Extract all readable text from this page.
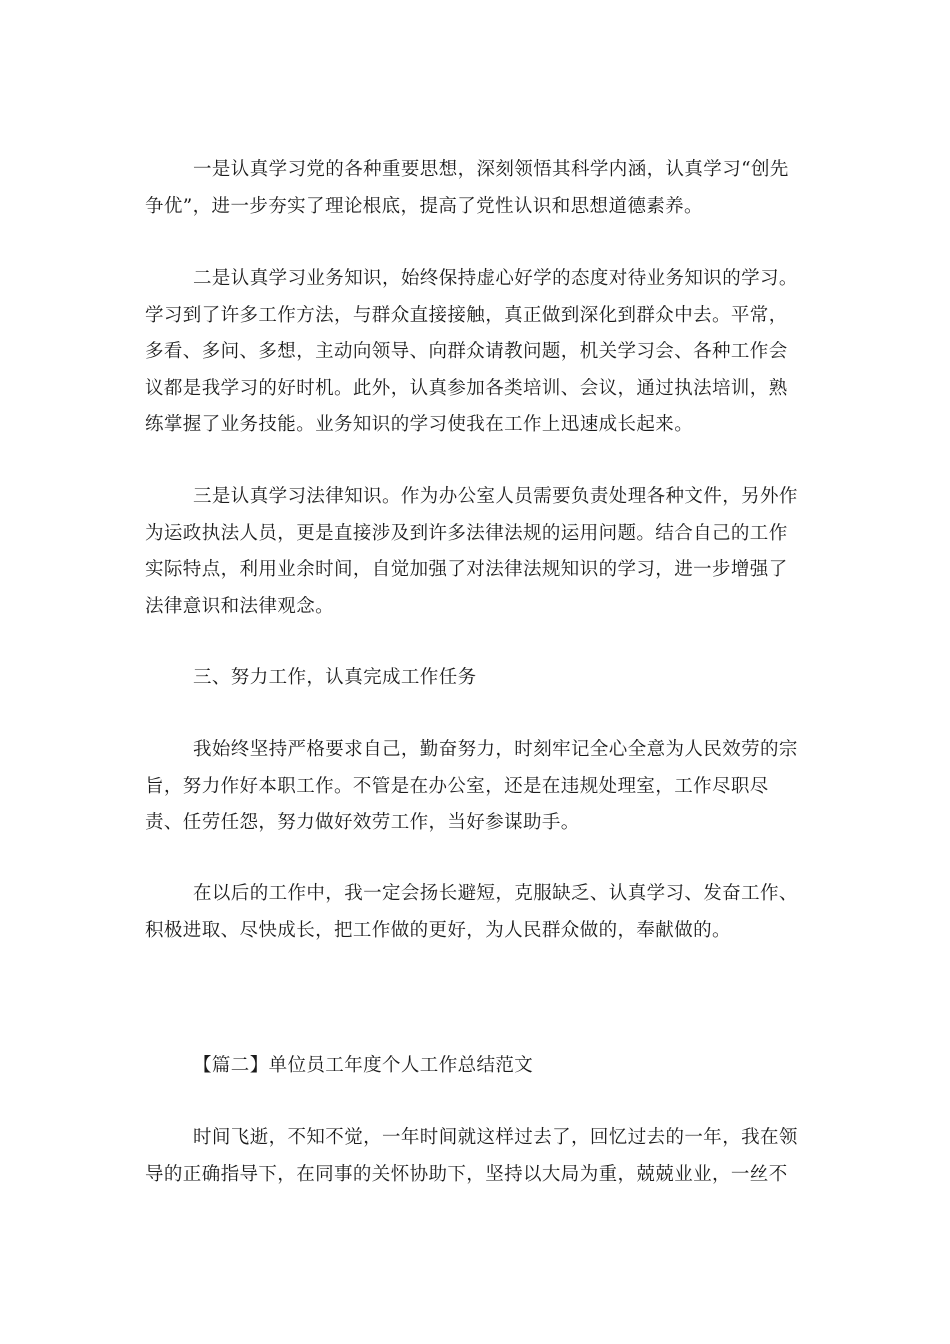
一是认真学习党的各种重要思想，深刻领悟其科学内涵，认真学习“创先争优”，进一步夯实了理论根底，提高了党性认识和思想道德素养。

二是认真学习业务知识，始终保持虚心好学的态度对待业务知识的学习。学习到了许多工作方法，与群众直接接触，真正做到深化到群众中去。平常，多看、多问、多想，主动向领导、向群众请教问题，机关学习会、各种工作会议都是我学习的好时机。此外，认真参加各类培训、会议，通过执法培训，熟练掌握了业务技能。业务知识的学习使我在工作上迅速成长起来。

三是认真学习法律知识。作为办公室人员需要负责处理各种文件，另外作为运政执法人员，更是直接涉及到许多法律法规的运用问题。结合自己的工作实际特点，利用业余时间，自觉加强了对法律法规知识的学习，进一步增强了法律意识和法律观念。

三、努力工作，认真完成工作任务

我始终坚持严格要求自己，勤奋努力，时刻牢记全心全意为人民效劳的宗旨，努力作好本职工作。不管是在办公室，还是在违规处理室，工作尽职尽责、任劳任怨，努力做好效劳工作，当好参谋助手。

在以后的工作中，我一定会扬长避短，克服缺乏、认真学习、发奋工作、积极进取、尽快成长，把工作做的更好，为人民群众做的，奉献做的。

【篇二】单位员工年度个人工作总结范文

时间飞逝，不知不觉，一年时间就这样过去了，回忆过去的一年，我在领导的正确指导下，在同事的关怀协助下，坚持以大局为重，兢兢业业，一丝不
